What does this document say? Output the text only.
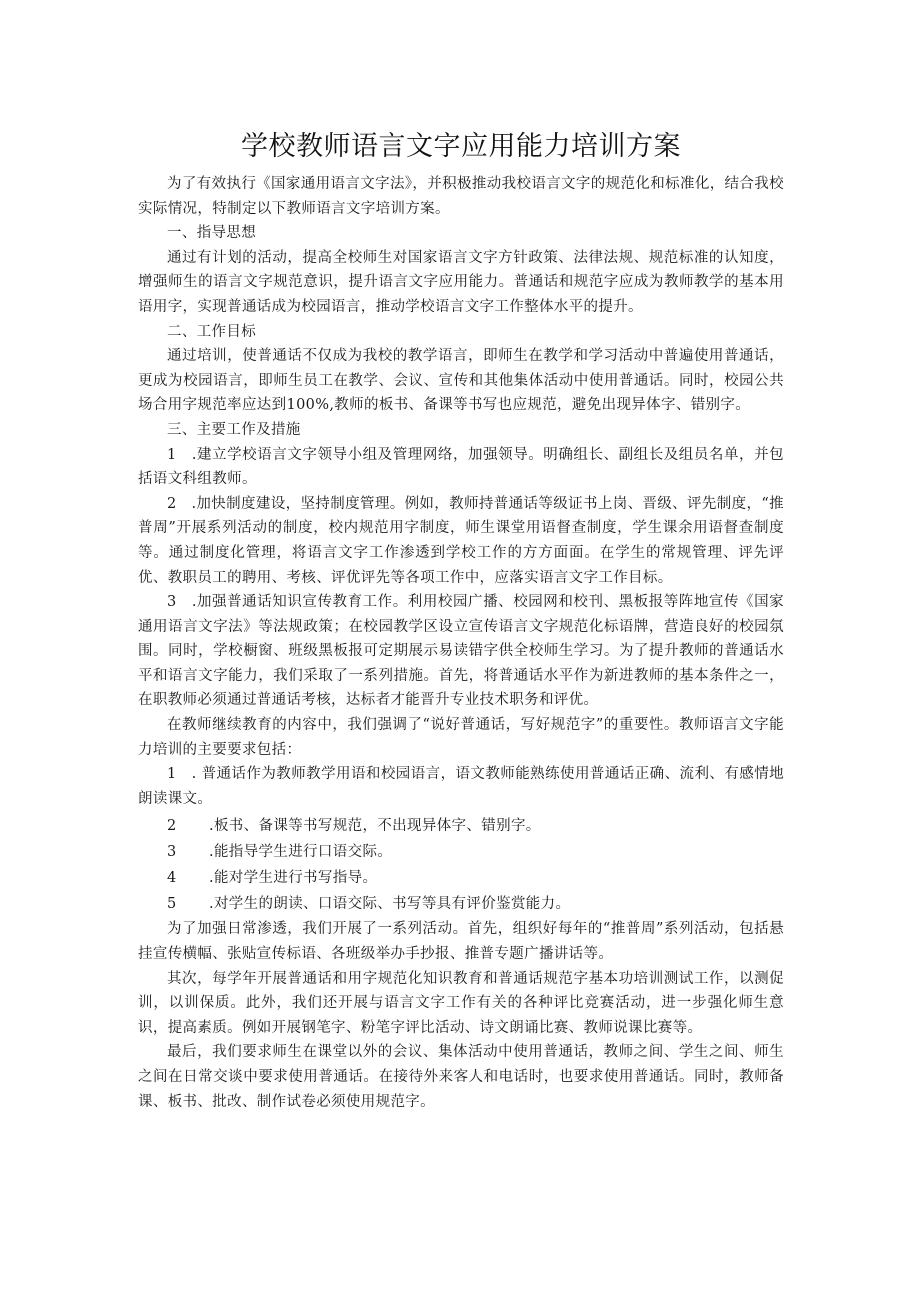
学校教师语言文字应用能力培训方案

为了有效执行《国家通用语言文字法》，并积极推动我校语言文字的规范化和标准化，结合我校实际情况，特制定以下教师语言文字培训方案。

一、指导思想

通过有计划的活动，提高全校师生对国家语言文字方针政策、法律法规、规范标准的认知度，增强师生的语言文字规范意识，提升语言文字应用能力。普通话和规范字应成为教师教学的基本用语用字，实现普通话成为校园语言，推动学校语言文字工作整体水平的提升。

二、工作目标

通过培训，使普通话不仅成为我校的教学语言，即师生在教学和学习活动中普遍使用普通话，更成为校园语言，即师生员工在教学、会议、宣传和其他集体活动中使用普通话。同时，校园公共场合用字规范率应达到100%,教师的板书、备课等书写也应规范，避免出现异体字、错别字。

三、主要工作及措施

1　.建立学校语言文字领导小组及管理网络，加强领导。明确组长、副组长及组员名单，并包括语文科组教师。

2　.加快制度建设，坚持制度管理。例如，教师持普通话等级证书上岗、晋级、评先制度，“推普周”开展系列活动的制度，校内规范用字制度，师生课堂用语督查制度，学生课余用语督查制度等。通过制度化管理，将语言文字工作渗透到学校工作的方方面面。在学生的常规管理、评先评优、教职员工的聘用、考核、评优评先等各项工作中，应落实语言文字工作目标。

3　.加强普通话知识宣传教育工作。利用校园广播、校园网和校刊、黑板报等阵地宣传《国家通用语言文字法》等法规政策；在校园教学区设立宣传语言文字规范化标语牌，营造良好的校园氛围。同时，学校橱窗、班级黑板报可定期展示易读错字供全校师生学习。为了提升教师的普通话水平和语言文字能力，我们采取了一系列措施。首先，将普通话水平作为新进教师的基本条件之一，在职教师必须通过普通话考核，达标者才能晋升专业技术职务和评优。

在教师继续教育的内容中，我们强调了“说好普通话，写好规范字”的重要性。教师语言文字能力培训的主要要求包括：

1　. 普通话作为教师教学用语和校园语言，语文教师能熟练使用普通话正确、流利、有感情地朗读课文。

2 .板书、备课等书写规范，不出现异体字、错别字。

3 .能指导学生进行口语交际。

4 .能对学生进行书写指导。

5 .对学生的朗读、口语交际、书写等具有评价鉴赏能力。

为了加强日常渗透，我们开展了一系列活动。首先，组织好每年的“推普周”系列活动，包括悬挂宣传横幅、张贴宣传标语、各班级举办手抄报、推普专题广播讲话等。

其次，每学年开展普通话和用字规范化知识教育和普通话规范字基本功培训测试工作，以测促训，以训保质。此外，我们还开展与语言文字工作有关的各种评比竞赛活动，进一步强化师生意识，提高素质。例如开展钢笔字、粉笔字评比活动、诗文朗诵比赛、教师说课比赛等。

最后，我们要求师生在课堂以外的会议、集体活动中使用普通话，教师之间、学生之间、师生之间在日常交谈中要求使用普通话。在接待外来客人和电话时，也要求使用普通话。同时，教师备课、板书、批改、制作试卷必须使用规范字。
